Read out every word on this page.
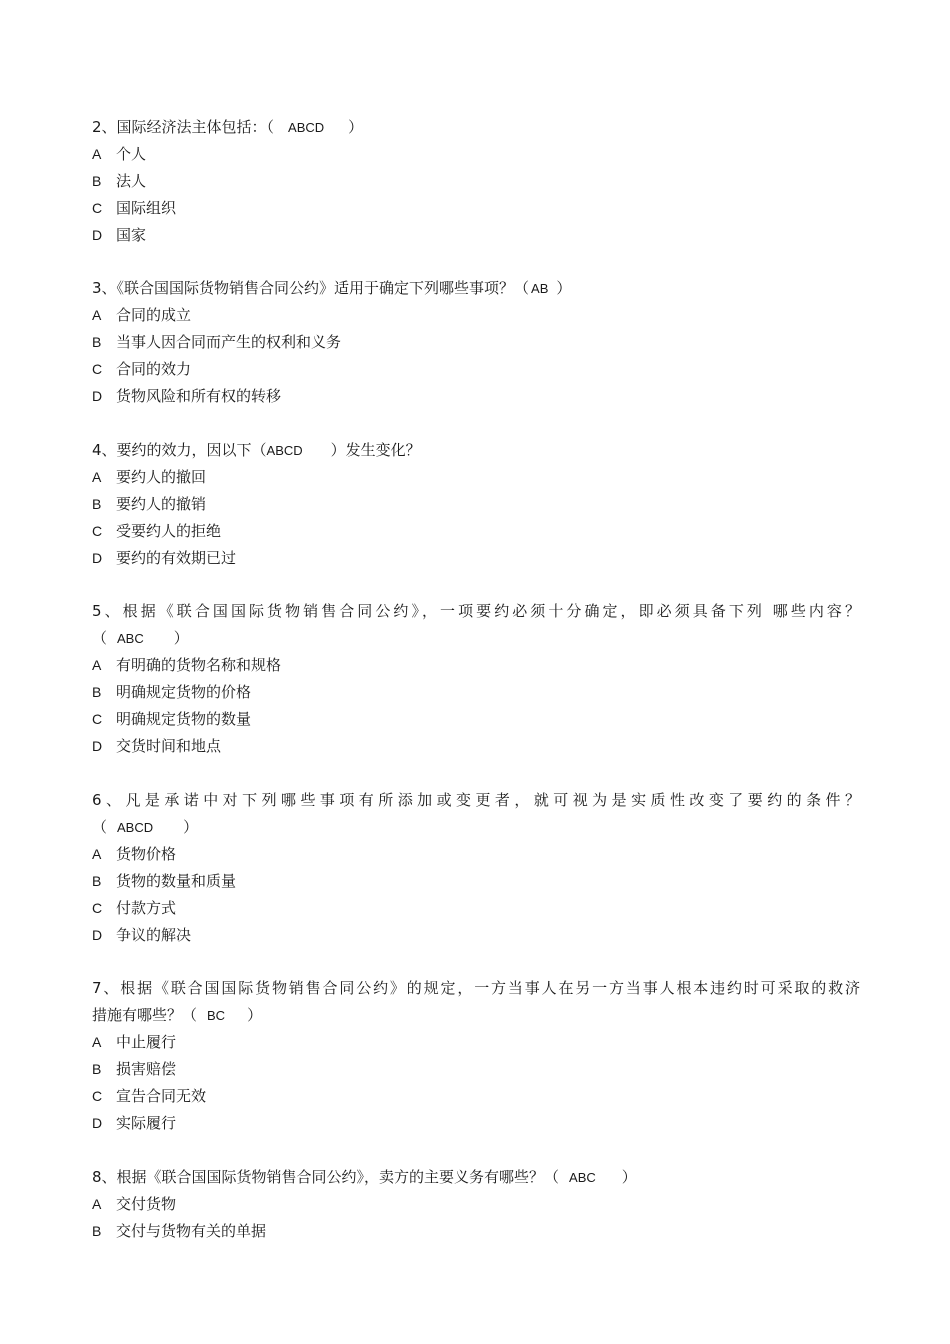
2、国际经济法主体包括：（ ABCD ）
A 个人
B 法人
C 国际组织
D 国家
3、《联合国国际货物销售合同公约》适用于确定下列哪些事项？（ AB ）
A 合同的成立
B 当事人因合同而产生的权利和义务
C 合同的效力
D 货物风险和所有权的转移
4、要约的效力，因以下（ABCD ）发生变化？
A 要约人的撤回
B 要约人的撤销
C 受要约人的拒绝
D 要约的有效期已过
5、根据《联合国国际货物销售合同公约》，一项要约必须十分确定，即必须具备下列 哪些内容？
（ ABC ）
A 有明确的货物名称和规格
B 明确规定货物的价格
C 明确规定货物的数量
D 交货时间和地点
6、凡是承诺中对下列哪些事项有所添加或变更者，就可视为是实质性改变了要约的条件？
（ ABCD ）
A 货物价格
B 货物的数量和质量
C 付款方式
D 争议的解决
7、根据《联合国国际货物销售合同公约》的规定，一方当事人在另一方当事人根本违约时可采取的救济
措施有哪些？（ BC ）
A 中止履行
B 损害赔偿
C 宣告合同无效
D 实际履行
8、根据《联合国国际货物销售合同公约》，卖方的主要义务有哪些？（ ABC ）
A 交付货物
B 交付与货物有关的单据
